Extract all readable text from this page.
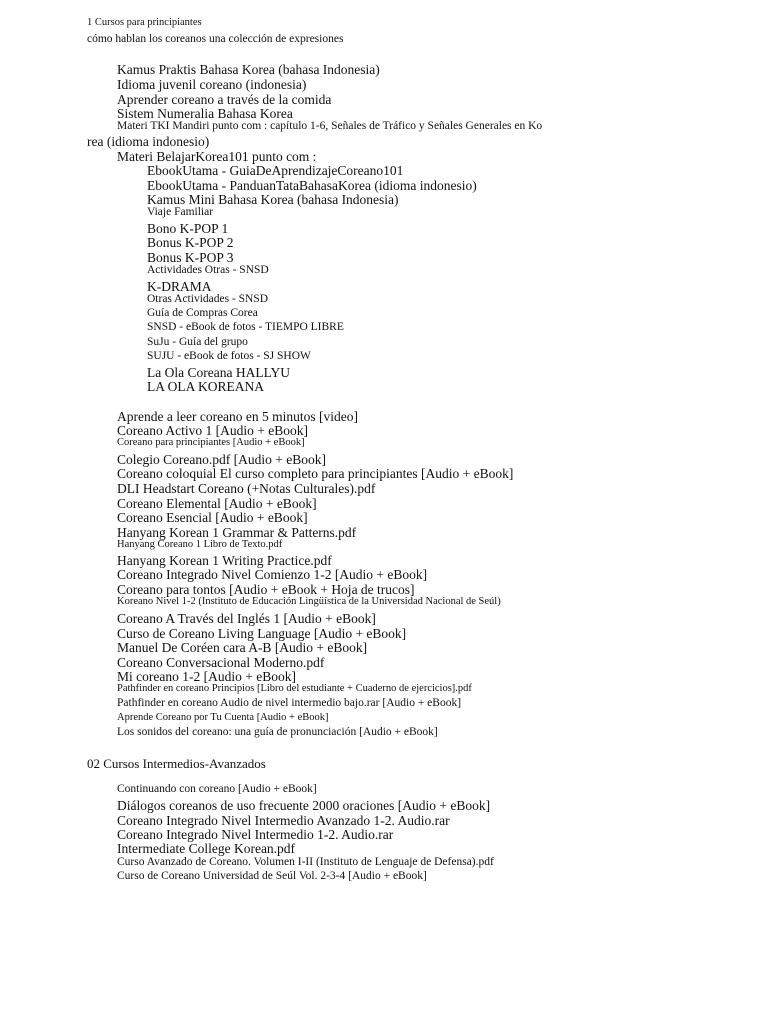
1 Cursos para principiantes
cómo hablan los coreanos una colección de expresiones
Kamus Praktis Bahasa Korea (bahasa Indonesia)
Idioma juvenil coreano (indonesia)
Aprender coreano a través de la comida
Sistem Numeralia Bahasa Korea
Materi TKI Mandiri punto com : capítulo 1-6, Señales de Tráfico y Señales Generales en Ko
rea (idioma indonesio)
Materi BelajarKorea101 punto com :
EbookUtama - GuiaDeAprendizajeCoreano101
EbookUtama - PanduanTataBahasaKorea (idioma indonesio)
Kamus Mini Bahasa Korea (bahasa Indonesia)
Viaje Familiar
Bono K-POP 1
Bonus K-POP 2
Bonus K-POP 3
Actividades Otras - SNSD
K-DRAMA
Otras Actividades - SNSD
Guía de Compras Corea
SNSD - eBook de fotos - TIEMPO LIBRE
SuJu - Guía del grupo
SUJU - eBook de fotos - SJ SHOW
La Ola Coreana HALLYU
LA OLA KOREANA
Aprende a leer coreano en 5 minutos [video]
Coreano Activo 1 [Audio + eBook]
Coreano para principiantes [Audio + eBook]
Colegio Coreano.pdf [Audio + eBook]
Coreano coloquial El curso completo para principiantes [Audio + eBook]
DLI Headstart Coreano (+Notas Culturales).pdf
Coreano Elemental [Audio + eBook]
Coreano Esencial [Audio + eBook]
Hanyang Korean 1 Grammar & Patterns.pdf
Hanyang Coreano 1 Libro de Texto.pdf
Hanyang Korean 1 Writing Practice.pdf
Coreano Integrado Nivel Comienzo 1-2 [Audio + eBook]
Coreano para tontos [Audio + eBook + Hoja de trucos]
Koreano Nivel 1-2 (Instituto de Educación Lingüística de la Universidad Nacional de Seúl)
Coreano A Través del Inglés 1 [Audio + eBook]
Curso de Coreano Living Language [Audio + eBook]
Manuel De Coréen cara A-B [Audio + eBook]
Coreano Conversacional Moderno.pdf
Mi coreano 1-2 [Audio + eBook]
Pathfinder en coreano Principios [Libro del estudiante + Cuaderno de ejercicios].pdf
Pathfinder en coreano Audio de nivel intermedio bajo.rar [Audio + eBook]
Aprende Coreano por Tu Cuenta [Audio + eBook]
Los sonidos del coreano: una guía de pronunciación [Audio + eBook]
02 Cursos Intermedios-Avanzados
Continuando con coreano [Audio + eBook]
Diálogos coreanos de uso frecuente 2000 oraciones [Audio + eBook]
Coreano Integrado Nivel Intermedio Avanzado 1-2. Audio.rar
Coreano Integrado Nivel Intermedio 1-2. Audio.rar
Intermediate College Korean.pdf
Curso Avanzado de Coreano. Volumen I-II (Instituto de Lenguaje de Defensa).pdf
Curso de Coreano Universidad de Seúl Vol. 2-3-4 [Audio + eBook]
